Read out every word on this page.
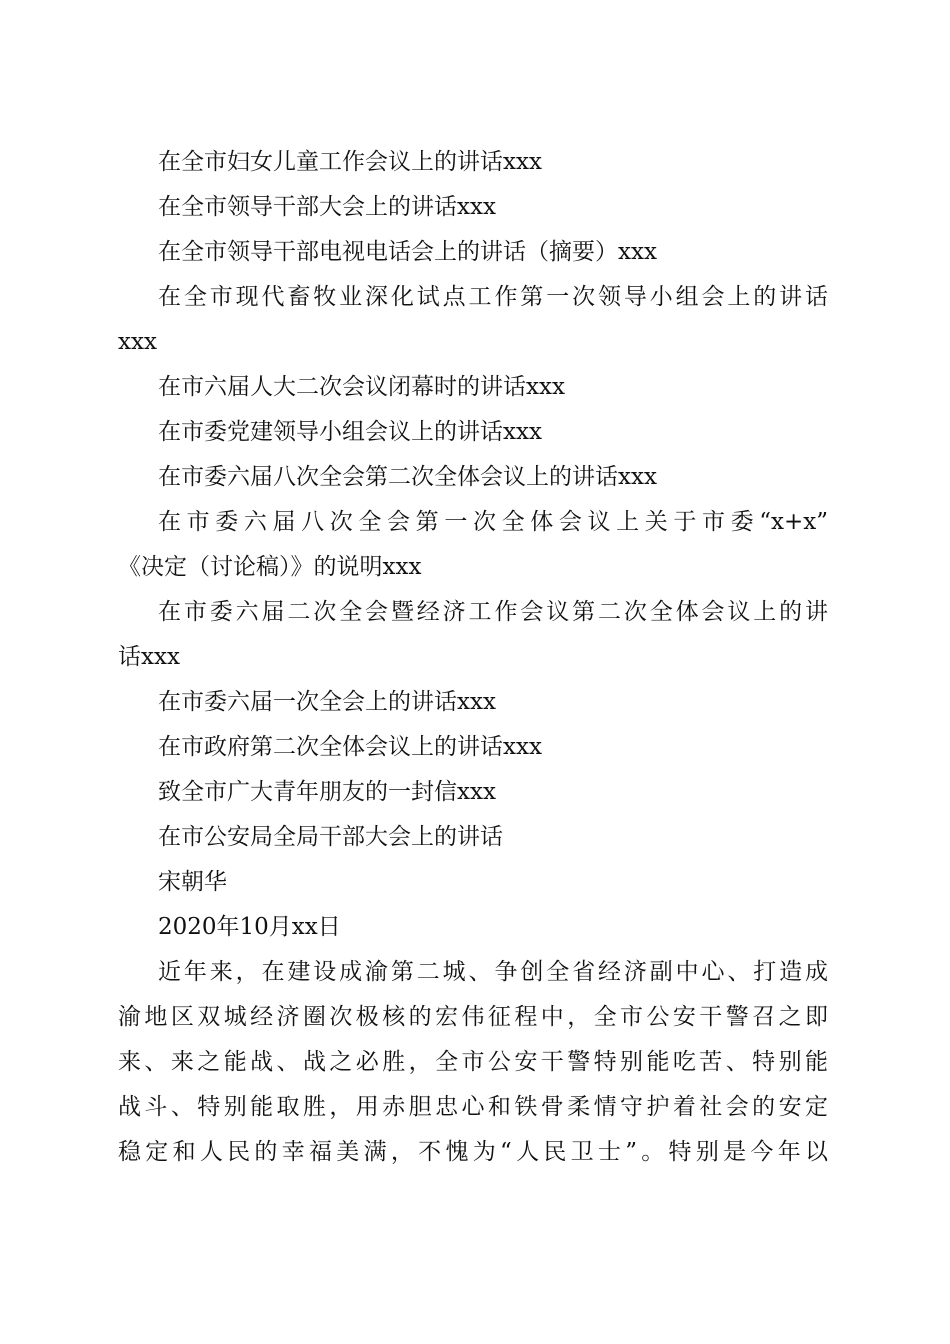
在全市妇女儿童工作会议上的讲话xxx
在全市领导干部大会上的讲话xxx
在全市领导干部电视电话会上的讲话（摘要）xxx
在全市现代畜牧业深化试点工作第一次领导小组会上的讲话
xxx
在市六届人大二次会议闭幕时的讲话xxx
在市委党建领导小组会议上的讲话xxx
在市委六届八次全会第二次全体会议上的讲话xxx
在市委六届八次全会第一次全体会议上关于市委“x+x”
《决定（讨论稿）》的说明xxx
在市委六届二次全会暨经济工作会议第二次全体会议上的讲
话xxx
在市委六届一次全会上的讲话xxx
在市政府第二次全体会议上的讲话xxx
致全市广大青年朋友的一封信xxx
在市公安局全局干部大会上的讲话
宋朝华
2020年10月xx日
近年来，在建设成渝第二城、争创全省经济副中心、打造成
渝地区双城经济圈次极核的宏伟征程中，全市公安干警召之即
来、来之能战、战之必胜，全市公安干警特别能吃苦、特别能
战斗、特别能取胜，用赤胆忠心和铁骨柔情守护着社会的安定
稳定和人民的幸福美满，不愧为“人民卫士”。特别是今年以
